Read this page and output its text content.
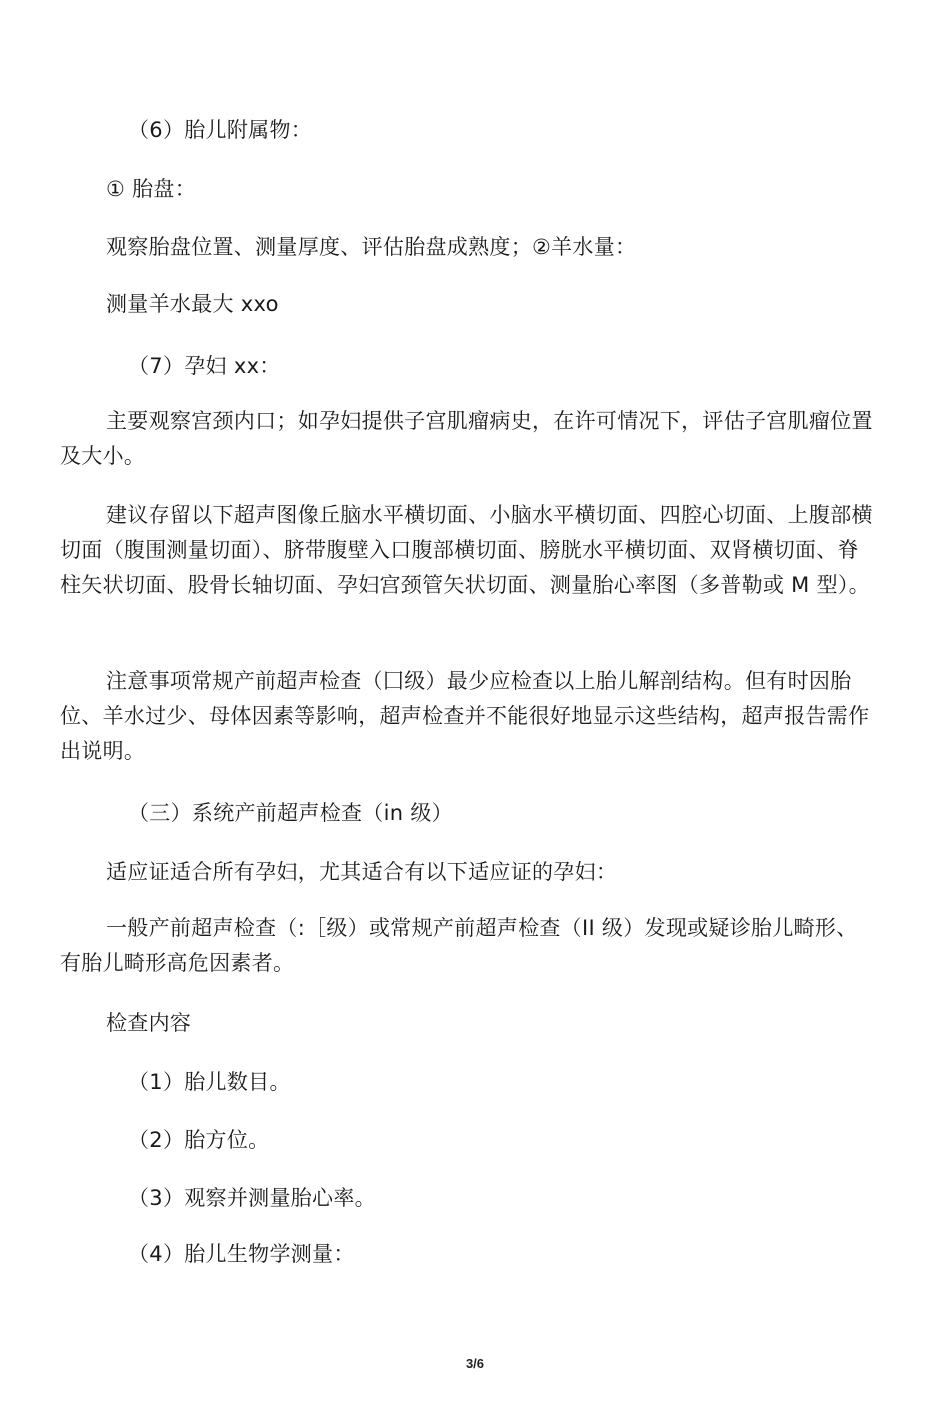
（6）胎儿附属物：

① 胎盘：

观察胎盘位置、测量厚度、评估胎盘成熟度；②羊水量：

测量羊水最大 xxo

（7）孕妇 xx：

主要观察宫颈内口；如孕妇提供子宫肌瘤病史，在许可情况下，评估子宫肌瘤位置及大小。

建议存留以下超声图像丘脑水平横切面、小脑水平横切面、四腔心切面、上腹部横切面（腹围测量切面）、脐带腹壁入口腹部横切面、膀胱水平横切面、双肾横切面、脊柱矢状切面、股骨长轴切面、孕妇宫颈管矢状切面、测量胎心率图（多普勒或 M 型）。

注意事项常规产前超声检查（囗级）最少应检查以上胎儿解剖结构。但有时因胎位、羊水过少、母体因素等影响，超声检查并不能很好地显示这些结构，超声报告需作出说明。

（三）系统产前超声检查（in 级）

适应证适合所有孕妇，尤其适合有以下适应证的孕妇：

一般产前超声检查（:［级）或常规产前超声检查（II 级）发现或疑诊胎儿畸形、有胎儿畸形高危因素者。

检查内容

（1）胎儿数目。

（2）胎方位。

（3）观察并测量胎心率。

（4）胎儿生物学测量：

3/6
